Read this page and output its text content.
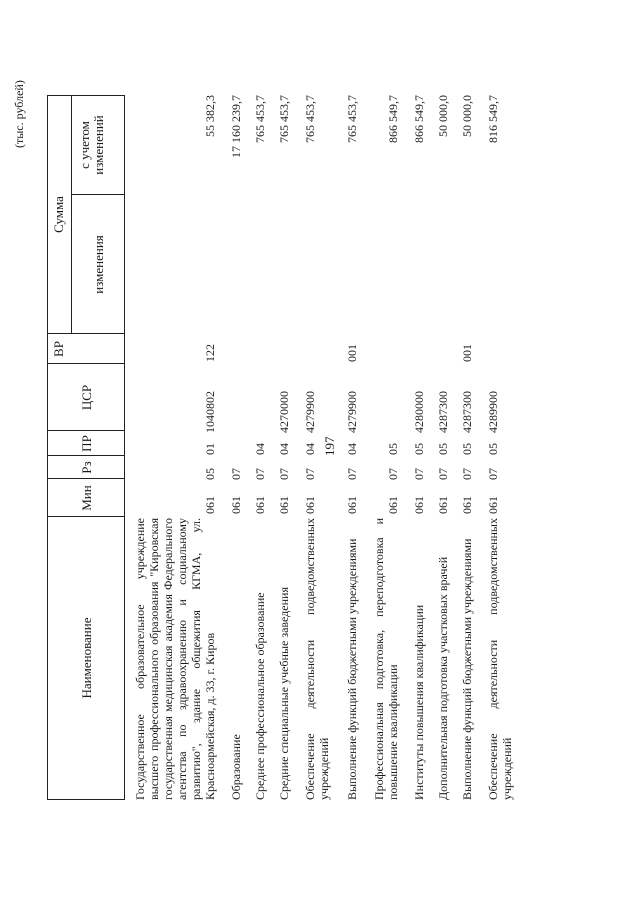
197
(тыс. рублей)
Наименование
Мин
Рз
ПР
ЦСР
ВР
Сумма
изменения
с учетом изменений
Государственное образовательное учреждение высшего профессионального образования "Кировская государственная медицинская академия Федерального агентства по здравоохранению и социальному развитию", здание общежития КГМА, ул. Красноармейская, д. 33, г. Киров
061
05
01
1040802
122
55 382,3
Образование
061
07
17 160 239,7
Среднее профессиональное образование
061
07
04
765 453,7
Средние специальные учебные заведения
061
07
04
4270000
765 453,7
Обеспечение деятельности подведомственных учреждений
061
07
04
4279900
765 453,7
Выполнение функций бюджетными учреждениями
061
07
04
4279900
001
765 453,7
Профессиональная подготовка, переподготовка и повышение квалификации
061
07
05
866 549,7
Институты повышения квалификации
061
07
05
4280000
866 549,7
Дополнительная подготовка участковых врачей
061
07
05
4287300
50 000,0
Выполнение функций бюджетными учреждениями
061
07
05
4287300
001
50 000,0
Обеспечение деятельности подведомственных учреждений
061
07
05
4289900
816 549,7
